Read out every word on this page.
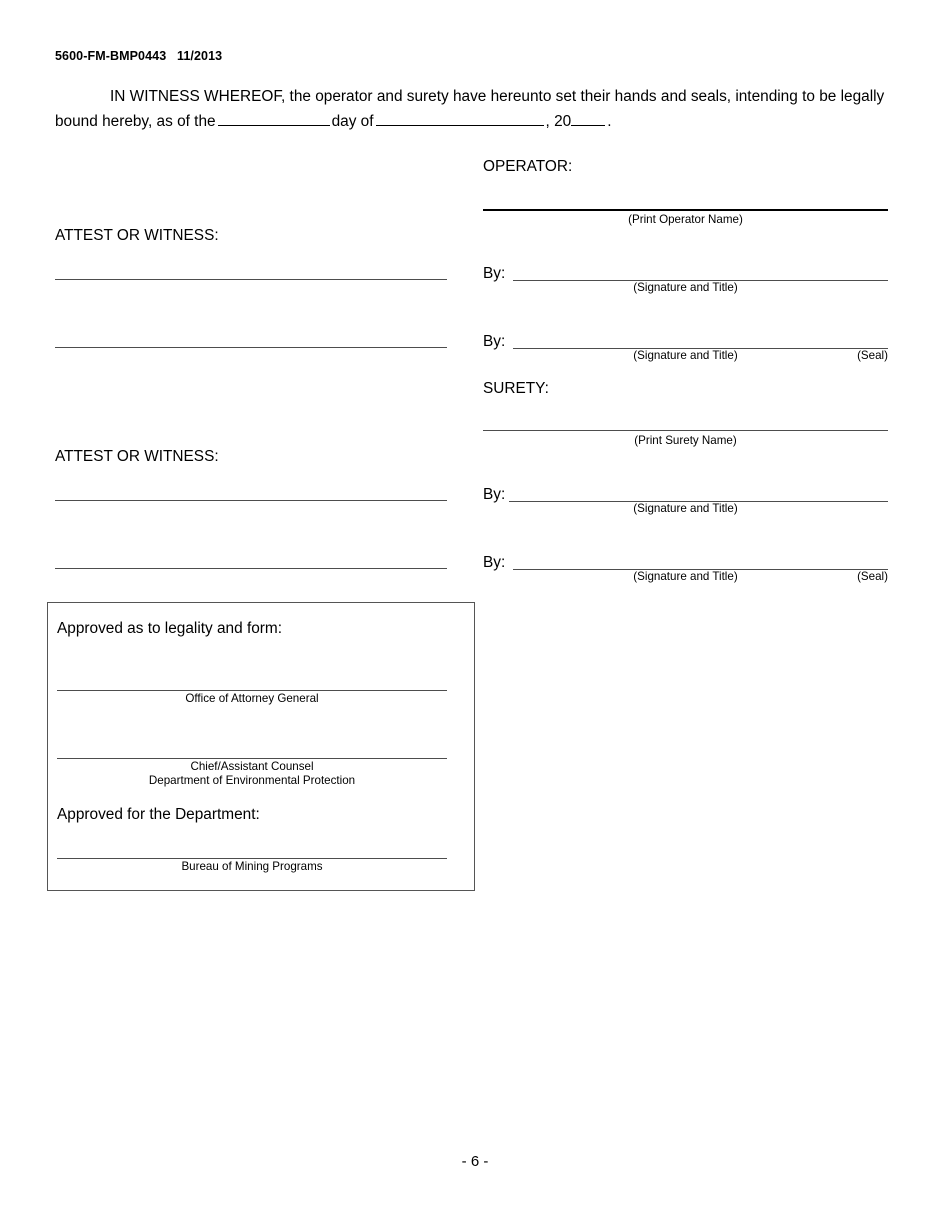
5600-FM-BMP0443 11/2013
IN WITNESS WHEREOF, the operator and surety have hereunto set their hands and seals, intending to be legally bound hereby, as of the	day of	, 20 .
OPERATOR:
(Print Operator Name)
By:
(Signature and Title)
By:
(Signature and Title)	(Seal)
SURETY:
(Print Surety Name)
By:
(Signature and Title)
By:
(Signature and Title)	(Seal)
ATTEST OR WITNESS:
ATTEST OR WITNESS:
Approved as to legality and form:
Office of Attorney General
Chief/Assistant Counsel
Department of Environmental Protection
Approved for the Department:
Bureau of Mining Programs
- 6 -
